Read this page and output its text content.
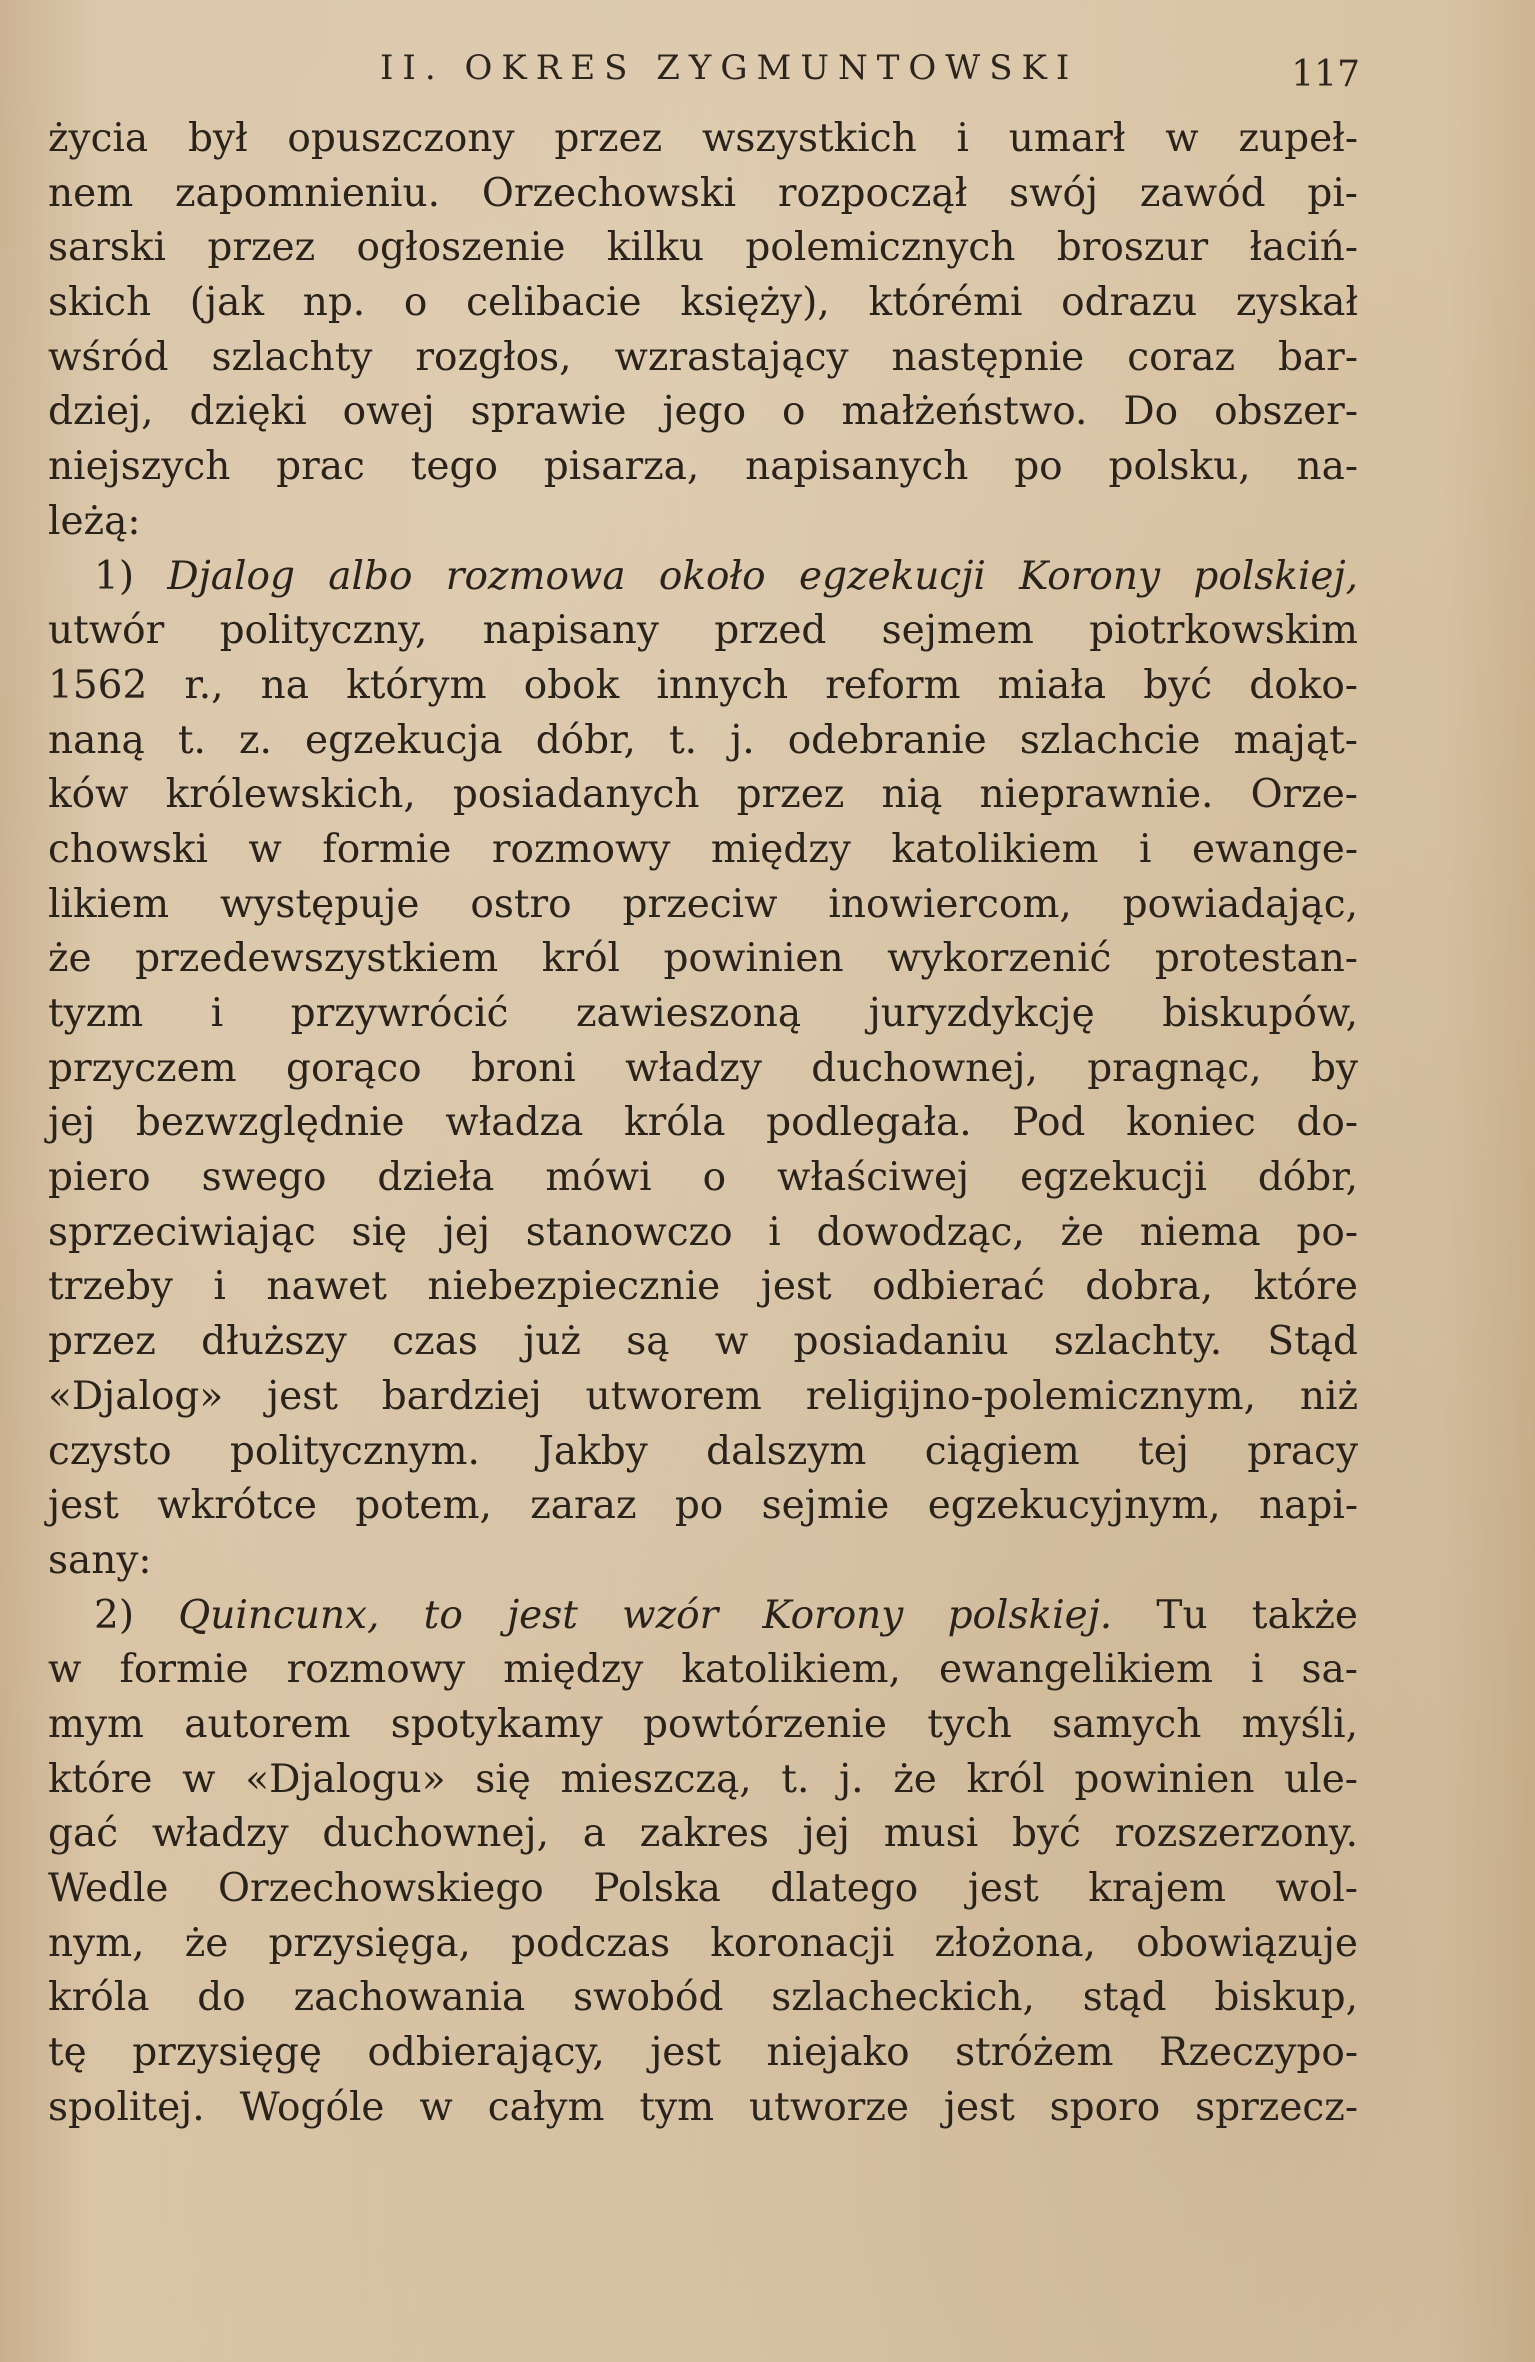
II. OKRES ZYGMUNTOWSKI	117
życia był opuszczony przez wszystkich i umarł w zupeł-
nem zapomnieniu. Orzechowski rozpoczął swój zawód pi-
sarski przez ogłoszenie kilku polemicznych broszur łaciń-
skich (jak np. o celibacie księży), którémi odrazu zyskał
wśród szlachty rozgłos, wzrastający następnie coraz bar-
dziej, dzięki owej sprawie jego o małżeństwo. Do obszer-
niejszych prac tego pisarza, napisanych po polsku, na-
leżą:
1) Djalog albo rozmowa około egzekucji Korony polskiej,
utwór polityczny, napisany przed sejmem piotrkowskim
1562 r., na którym obok innych reform miała być doko-
naną t. z. egzekucja dóbr, t. j. odebranie szlachcie mająt-
ków królewskich, posiadanych przez nią nieprawnie. Orze-
chowski w formie rozmowy między katolikiem i ewange-
likiem występuje ostro przeciw inowiercom, powiadając,
że przedewszystkiem król powinien wykorzenić protestan-
tyzm i przywrócić zawieszoną juryzdykcję biskupów,
przyczem gorąco broni władzy duchownej, pragnąc, by
jej bezwzględnie władza króla podlegała. Pod koniec do-
piero swego dzieła mówi o właściwej egzekucji dóbr,
sprzeciwiając się jej stanowczo i dowodząc, że niema po-
trzeby i nawet niebezpiecznie jest odbierać dobra, które
przez dłuższy czas już są w posiadaniu szlachty. Stąd
«Djalog» jest bardziej utworem religijno-polemicznym, niż
czysto politycznym. Jakby dalszym ciągiem tej pracy
jest wkrótce potem, zaraz po sejmie egzekucyjnym, napi-
sany:
2) Quincunx, to jest wzór Korony polskiej. Tu także
w formie rozmowy między katolikiem, ewangelikiem i sa-
mym autorem spotykamy powtórzenie tych samych myśli,
które w «Djalogu» się mieszczą, t. j. że król powinien ule-
gać władzy duchownej, a zakres jej musi być rozszerzony.
Wedle Orzechowskiego Polska dlatego jest krajem wol-
nym, że przysięga, podczas koronacji złożona, obowiązuje
króla do zachowania swobód szlacheckich, stąd biskup,
tę przysięgę odbierający, jest niejako stróżem Rzeczypo-
spolitej. Wogóle w całym tym utworze jest sporo sprzecz-
